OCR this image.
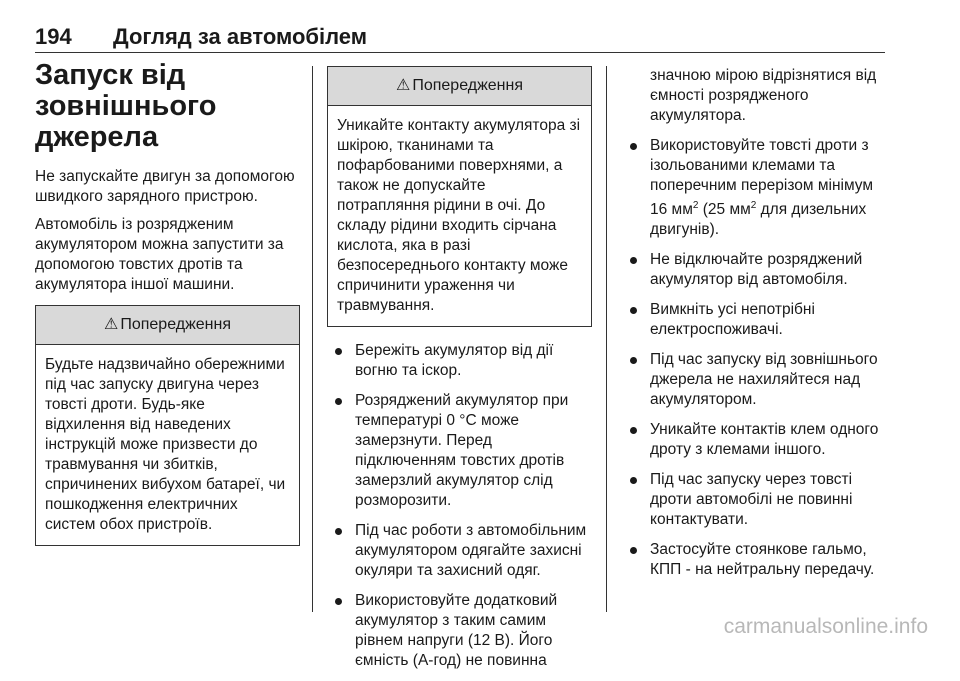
194 Догляд за автомобілем
Запуск від
зовнішнього джерела

Не запускайте двигун за допомогою швидкого зарядного пристрою.

Автомобіль із розрядженим акумулятором можна запустити за допомогою товстих дротів та акумулятора іншої машини.

⚠ Попередження
Будьте надзвичайно обережними під час запуску двигуна через товсті дроти. Будь-яке відхилення від наведених інструкцій може призвести до травмування чи збитків, спричинених вибухом батареї, чи пошкодження електричних систем обох пристроїв.
⚠ Попередження
Уникайте контакту акумулятора зі шкірою, тканинами та пофарбованими поверхнями, а також не допускайте потрапляння рідини в очі. До складу рідини входить сірчана кислота, яка в разі безпосереднього контакту може спричинити ураження чи травмування.
Бережіть акумулятор від дії вогню та іскор.
Розряджений акумулятор при температурі 0 °C може замерзнути. Перед підключенням товстих дротів замерзлий акумулятор слід розморозити.
Під час роботи з автомобільним акумулятором одягайте захисні окуляри та захисний одяг.
Використовуйте додатковий акумулятор з таким самим рівнем напруги (12 В). Його ємність (А-год) не повинна
значною мірою відрізнятися від ємності розрядженого акумулятора.
Використовуйте товсті дроти з ізольованими клемами та поперечним перерізом мінімум 16 $мм^2$ (25 $мм^2$ для дизельних двигунів).
Не відключайте розряджений акумулятор від автомобіля.
Вимкніть усі непотрібні електроспоживачі.
Під час запуску від зовнішнього джерела не нахиляйтеся над акумулятором.
Уникайте контактів клем одного дроту з клемами іншого.
Під час запуску через товсті дроти автомобілі не повинні контактувати.
Застосуйте стоянкове гальмо, КПП - на нейтральну передачу.
carmanualsonline.info
